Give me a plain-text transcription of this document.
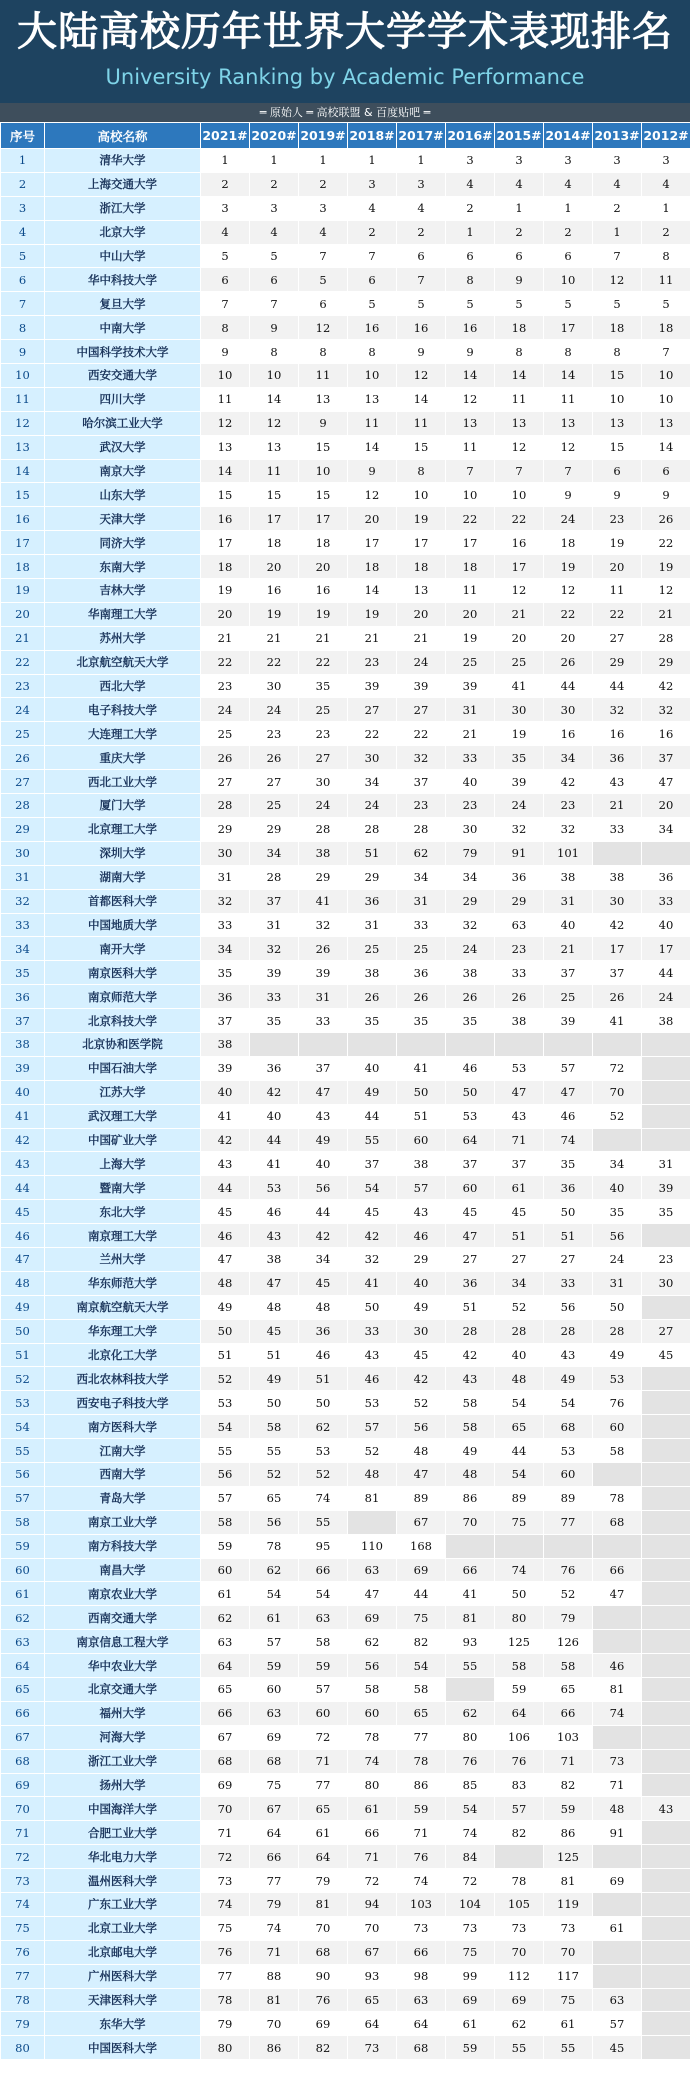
大陆高校历年世界大学学术表现排名
University Ranking by Academic Performance
═ 原始人 ═ 高校联盟 & 百度贴吧 ═
序号	高校名称	2021#	2020#	2019#	2018#	2017#	2016#	2015#	2014#	2013#	2012#
1	清华大学	1	1	1	1	1	3	3	3	3	3
2	上海交通大学	2	2	2	3	3	4	4	4	4	4
3	浙江大学	3	3	3	4	4	2	1	1	2	1
4	北京大学	4	4	4	2	2	1	2	2	1	2
5	中山大学	5	5	7	7	6	6	6	6	7	8
6	华中科技大学	6	6	5	6	7	8	9	10	12	11
7	复旦大学	7	7	6	5	5	5	5	5	5	5
8	中南大学	8	9	12	16	16	16	18	17	18	18
9	中国科学技术大学	9	8	8	8	9	9	8	8	8	7
10	西安交通大学	10	10	11	10	12	14	14	14	15	10
11	四川大学	11	14	13	13	14	12	11	11	10	10
12	哈尔滨工业大学	12	12	9	11	11	13	13	13	13	13
13	武汉大学	13	13	15	14	15	11	12	12	15	14
14	南京大学	14	11	10	9	8	7	7	7	6	6
15	山东大学	15	15	15	12	10	10	10	9	9	9
16	天津大学	16	17	17	20	19	22	22	24	23	26
17	同济大学	17	18	18	17	17	17	16	18	19	22
18	东南大学	18	20	20	18	18	18	17	19	20	19
19	吉林大学	19	16	16	14	13	11	12	12	11	12
20	华南理工大学	20	19	19	19	20	20	21	22	22	21
21	苏州大学	21	21	21	21	21	19	20	20	27	28
22	北京航空航天大学	22	22	22	23	24	25	25	26	29	29
23	西北大学	23	30	35	39	39	39	41	44	44	42
24	电子科技大学	24	24	25	27	27	31	30	30	32	32
25	大连理工大学	25	23	23	22	22	21	19	16	16	16
26	重庆大学	26	26	27	30	32	33	35	34	36	37
27	西北工业大学	27	27	30	34	37	40	39	42	43	47
28	厦门大学	28	25	24	24	23	23	24	23	21	20
29	北京理工大学	29	29	28	28	28	30	32	32	33	34
30	深圳大学	30	34	38	51	62	79	91	101		
31	湖南大学	31	28	29	29	34	34	36	38	38	36
32	首都医科大学	32	37	41	36	31	29	29	31	30	33
33	中国地质大学	33	31	32	31	33	32	63	40	42	40
34	南开大学	34	32	26	25	25	24	23	21	17	17
35	南京医科大学	35	39	39	38	36	38	33	37	37	44
36	南京师范大学	36	33	31	26	26	26	26	25	26	24
37	北京科技大学	37	35	33	35	35	35	38	39	41	38
38	北京协和医学院	38									
39	中国石油大学	39	36	37	40	41	46	53	57	72	
40	江苏大学	40	42	47	49	50	50	47	47	70	
41	武汉理工大学	41	40	43	44	51	53	43	46	52	
42	中国矿业大学	42	44	49	55	60	64	71	74		
43	上海大学	43	41	40	37	38	37	37	35	34	31
44	暨南大学	44	53	56	54	57	60	61	36	40	39
45	东北大学	45	46	44	45	43	45	45	50	35	35
46	南京理工大学	46	43	42	42	46	47	51	51	56	
47	兰州大学	47	38	34	32	29	27	27	27	24	23
48	华东师范大学	48	47	45	41	40	36	34	33	31	30
49	南京航空航天大学	49	48	48	50	49	51	52	56	50	
50	华东理工大学	50	45	36	33	30	28	28	28	28	27
51	北京化工大学	51	51	46	43	45	42	40	43	49	45
52	西北农林科技大学	52	49	51	46	42	43	48	49	53	
53	西安电子科技大学	53	50	50	53	52	58	54	54	76	
54	南方医科大学	54	58	62	57	56	58	65	68	60	
55	江南大学	55	55	53	52	48	49	44	53	58	
56	西南大学	56	52	52	48	47	48	54	60		
57	青岛大学	57	65	74	81	89	86	89	89	78	
58	南京工业大学	58	56	55		67	70	75	77	68	
59	南方科技大学	59	78	95	110	168					
60	南昌大学	60	62	66	63	69	66	74	76	66	
61	南京农业大学	61	54	54	47	44	41	50	52	47	
62	西南交通大学	62	61	63	69	75	81	80	79		
63	南京信息工程大学	63	57	58	62	82	93	125	126		
64	华中农业大学	64	59	59	56	54	55	58	58	46	
65	北京交通大学	65	60	57	58	58		59	65	81	
66	福州大学	66	63	60	60	65	62	64	66	74	
67	河海大学	67	69	72	78	77	80	106	103		
68	浙江工业大学	68	68	71	74	78	76	76	71	73	
69	扬州大学	69	75	77	80	86	85	83	82	71	
70	中国海洋大学	70	67	65	61	59	54	57	59	48	43
71	合肥工业大学	71	64	61	66	71	74	82	86	91	
72	华北电力大学	72	66	64	71	76	84		125		
73	温州医科大学	73	77	79	72	74	72	78	81	69	
74	广东工业大学	74	79	81	94	103	104	105	119		
75	北京工业大学	75	74	70	70	73	73	73	73	61	
76	北京邮电大学	76	71	68	67	66	75	70	70		
77	广州医科大学	77	88	90	93	98	99	112	117		
78	天津医科大学	78	81	76	65	63	69	69	75	63	
79	东华大学	79	70	69	64	64	61	62	61	57	
80	中国医科大学	80	86	82	73	68	59	55	55	45	
